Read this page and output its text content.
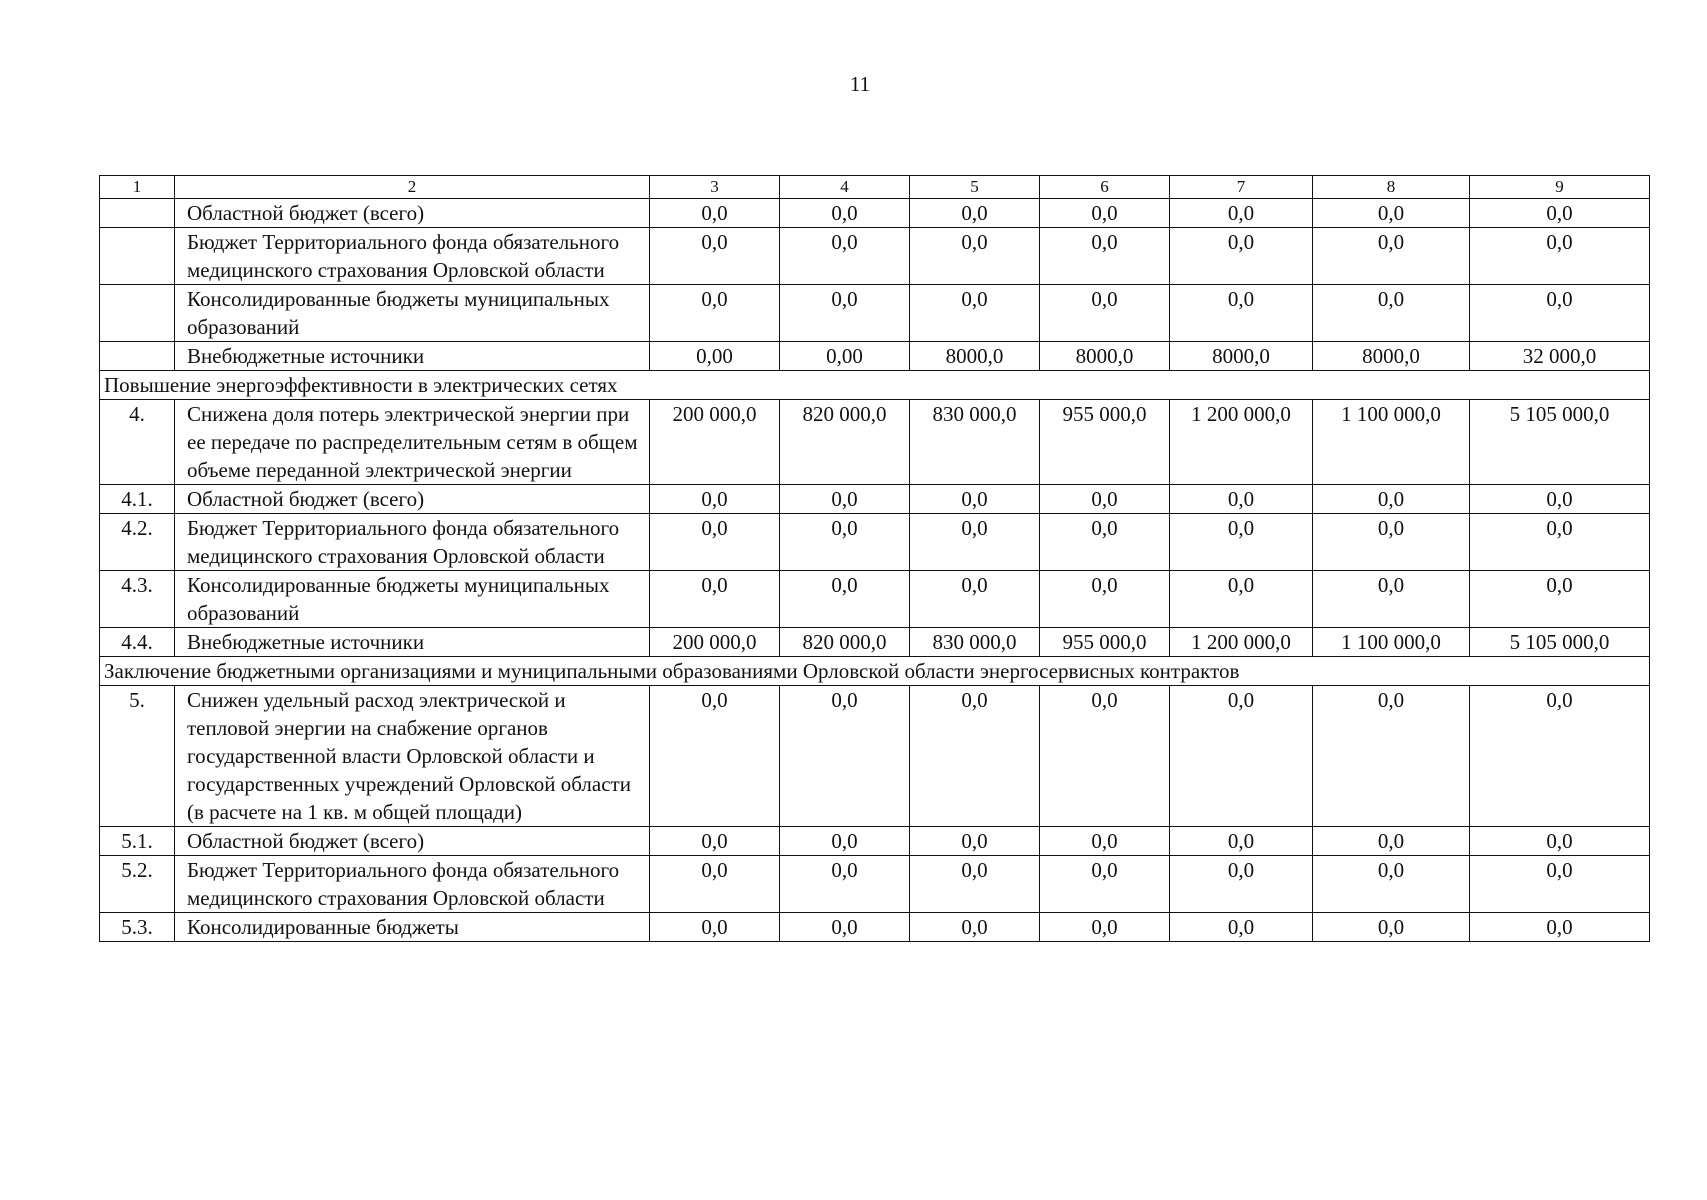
11
1	2	3	4	5	6	7	8	9
	Областной бюджет (всего)	0,0	0,0	0,0	0,0	0,0	0,0	0,0
	Бюджет Территориального фонда обязательного медицинского страхования Орловской области	0,0	0,0	0,0	0,0	0,0	0,0	0,0
	Консолидированные бюджеты муниципальных образований	0,0	0,0	0,0	0,0	0,0	0,0	0,0
	Внебюджетные источники	0,00	0,00	8000,0	8000,0	8000,0	8000,0	32 000,0
Повышение энергоэффективности в электрических сетях								
4.	Снижена доля потерь электрической энергии при ее передаче по распределительным сетям в общем объеме переданной электрической энергии	200 000,0	820 000,0	830 000,0	955 000,0	1 200 000,0	1 100 000,0	5 105 000,0
4.1.	Областной бюджет (всего)	0,0	0,0	0,0	0,0	0,0	0,0	0,0
4.2.	Бюджет Территориального фонда обязательного медицинского страхования Орловской области	0,0	0,0	0,0	0,0	0,0	0,0	0,0
4.3.	Консолидированные бюджеты муниципальных образований	0,0	0,0	0,0	0,0	0,0	0,0	0,0
4.4.	Внебюджетные источники	200 000,0	820 000,0	830 000,0	955 000,0	1 200 000,0	1 100 000,0	5 105 000,0
Заключение бюджетными организациями и муниципальными образованиями Орловской области энергосервисных контрактов								
5.	Снижен удельный расход электрической и тепловой энергии на снабжение органов государственной власти Орловской области и государственных учреждений Орловской области (в расчете на 1 кв. м общей площади)	0,0	0,0	0,0	0,0	0,0	0,0	0,0
5.1.	Областной бюджет (всего)	0,0	0,0	0,0	0,0	0,0	0,0	0,0
5.2.	Бюджет Территориального фонда обязательного медицинского страхования Орловской области	0,0	0,0	0,0	0,0	0,0	0,0	0,0
5.3.	Консолидированные бюджеты	0,0	0,0	0,0	0,0	0,0	0,0	0,0
